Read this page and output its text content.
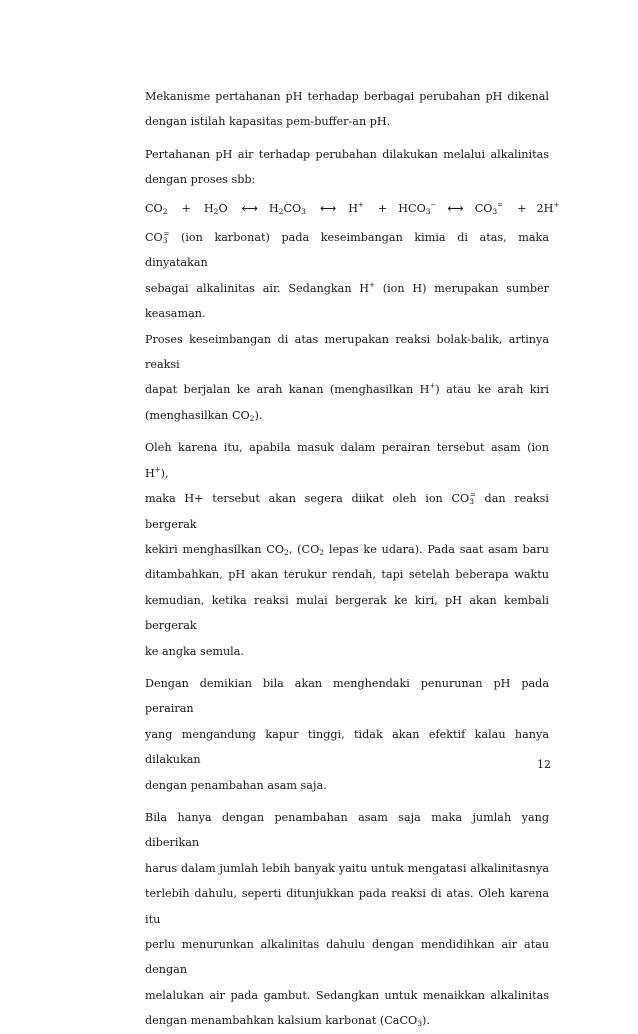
Mekanisme pertahanan pH terhadap berbagai perubahan pH dikenal

dengan istilah kapasitas pem-buffer-an pH.

Pertahanan pH air terhadap perubahan dilakukan melalui alkalinitas

dengan proses sbb:

$CO_2 + H_2O$ ←→ $H_2CO_3$ ←→ $H^+ + HCO_3^-$ ←→ $CO_3^= + 2H^+$

$CO_3^=$ (ion karbonat) pada keseimbangan kimia di atas, maka dinyatakan

sebagai alkalinitas air. Sedangkan H+ (ion H) merupakan sumber keasaman.

Proses keseimbangan di atas merupakan reaksi bolak-balik, artinya reaksi

dapat berjalan ke arah kanan (menghasilkan H+) atau ke arah kiri

(menghasilkan $CO_2$).

Oleh karena itu, apabila masuk dalam perairan tersebut asam (ion H+),

maka H+ tersebut akan segera diikat oleh ion $CO_3^=$ dan reaksi bergerak

kekiri menghasilkan $CO_2$, ($CO_2$ lepas ke udara). Pada saat asam baru

ditambahkan, pH akan terukur rendah, tapi setelah beberapa waktu

kemudian, ketika reaksi mulai bergerak ke kiri, pH akan kembali bergerak

ke angka semula.

Dengan demikian bila akan menghendaki penurunan pH pada perairan

yang mengandung kapur tinggi, tidak akan efektif kalau hanya dilakukan

dengan penambahan asam saja.

Bila hanya dengan penambahan asam saja maka jumlah yang diberikan

harus dalam jumlah lebih banyak yaitu untuk mengatasi alkalinitasnya

terlebih dahulu, seperti ditunjukkan pada reaksi di atas. Oleh karena itu

perlu menurunkan alkalinitas dahulu dengan mendidihkan air atau dengan

melalukan air pada gambut. Sedangkan untuk menaikkan alkalinitas

dengan menambahkan kalsium karbonat (CaCO$_3$).

12
